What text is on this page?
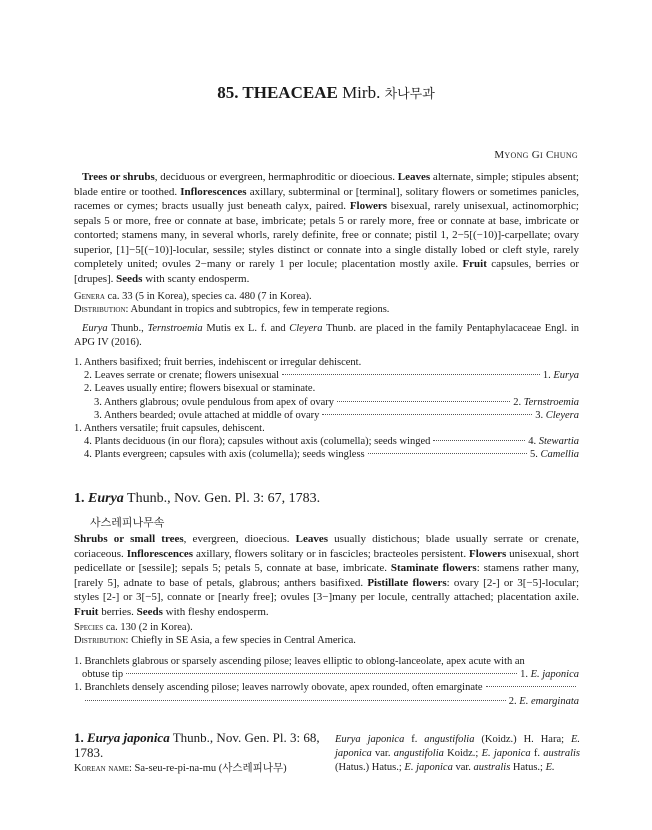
85. THEACEAE Mirb. 차나무과
Myong Gi Chung
Trees or shrubs, deciduous or evergreen, hermaphroditic or dioecious. Leaves alternate, simple; stipules absent; blade entire or toothed. Inflorescences axillary, subterminal or [terminal], solitary flowers or sometimes panicles, racemes or cymes; bracts usually just beneath calyx, paired. Flowers bisexual, rarely unisexual, actinomorphic; sepals 5 or more, free or connate at base, imbricate; petals 5 or rarely more, free or connate at base, imbricate or contorted; stamens many, in several whorls, rarely definite, free or connate; pistil 1, 2−5[(−10)]-carpellate; ovary superior, [1]−5[(−10)]-locular, sessile; styles distinct or connate into a single distally lobed or cleft style, rarely completely united; ovules 2−many or rarely 1 per locule; placentation mostly axile. Fruit capsules, berries or [drupes]. Seeds with scanty endosperm.
Genera ca. 33 (5 in Korea), species ca. 480 (7 in Korea).
Distribution: Abundant in tropics and subtropics, few in temperate regions.
Eurya Thunb., Ternstroemia Mutis ex L. f. and Cleyera Thunb. are placed in the family Pentaphylacaceae Engl. in APG IV (2016).
1. Anthers basifixed; fruit berries, indehiscent or irregular dehiscent.
2. Leaves serrate or crenate; flowers unisexual	1. Eurya
2. Leaves usually entire; flowers bisexual or staminate.
3. Anthers glabrous; ovule pendulous from apex of ovary	2. Ternstroemia
3. Anthers bearded; ovule attached at middle of ovary	3. Cleyera
1. Anthers versatile; fruit capsules, dehiscent.
4. Plants deciduous (in our flora); capsules without axis (columella); seeds winged	4. Stewartia
4. Plants evergreen; capsules with axis (columella); seeds wingless	5. Camellia
1. Eurya Thunb., Nov. Gen. Pl. 3: 67, 1783.
사스레피나무속
Shrubs or small trees, evergreen, dioecious. Leaves usually distichous; blade usually serrate or crenate, coriaceous. Inflorescences axillary, flowers solitary or in fascicles; bracteoles persistent. Flowers unisexual, short pedicellate or [sessile]; sepals 5; petals 5, connate at base, imbricate. Staminate flowers: stamens rather many, [rarely 5], adnate to base of petals, glabrous; anthers basifixed. Pistillate flowers: ovary [2-] or 3[−5]-locular; styles [2-] or 3[−5], connate or [nearly free]; ovules [3−]many per locule, centrally attached; placentation axile. Fruit berries. Seeds with fleshy endosperm.
Species ca. 130 (2 in Korea).
Distribution: Chiefly in SE Asia, a few species in Central America.
1. Branchlets glabrous or sparsely ascending pilose; leaves elliptic to oblong-lanceolate, apex acute with an
obtuse tip	1. E. japonica
1. Branchlets densely ascending pilose; leaves narrowly obovate, apex rounded, often emarginate
2. E. emarginata
1. Eurya japonica Thunb., Nov. Gen. Pl. 3: 68, 1783.
Korean name: Sa-seu-re-pi-na-mu (사스레피나무)
Eurya japonica f. angustifolia (Koidz.) H. Hara; E. japonica var. angustifolia Koidz.; E. japonica f. australis (Hatus.) Hatus.; E. japonica var. australis Hatus.; E.
